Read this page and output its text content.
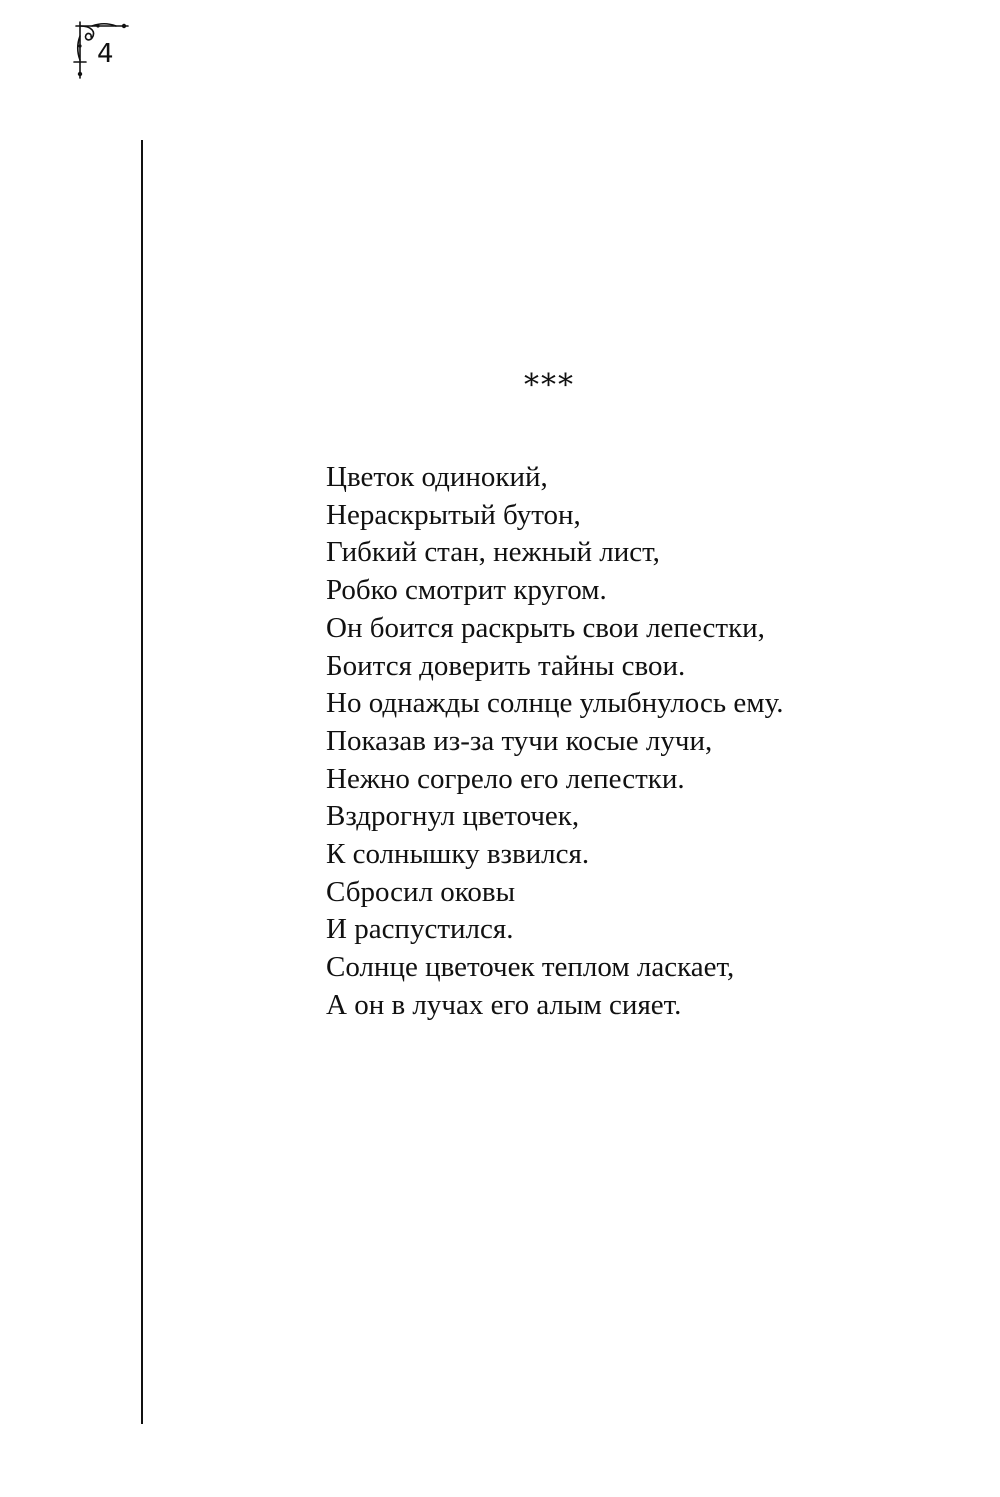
4
***
Цветок одинокий,
Нераскрытый бутон,
Гибкий стан, нежный лист,
Робко смотрит кругом.
Он боится раскрыть свои лепестки,
Боится доверить тайны свои.
Но однажды солнце улыбнулось ему.
Показав из-за тучи косые лучи,
Нежно согрело его лепестки.
Вздрогнул цветочек,
К солнышку взвился.
Сбросил оковы
И распустился.
Солнце цветочек теплом ласкает,
А он в лучах его алым сияет.
